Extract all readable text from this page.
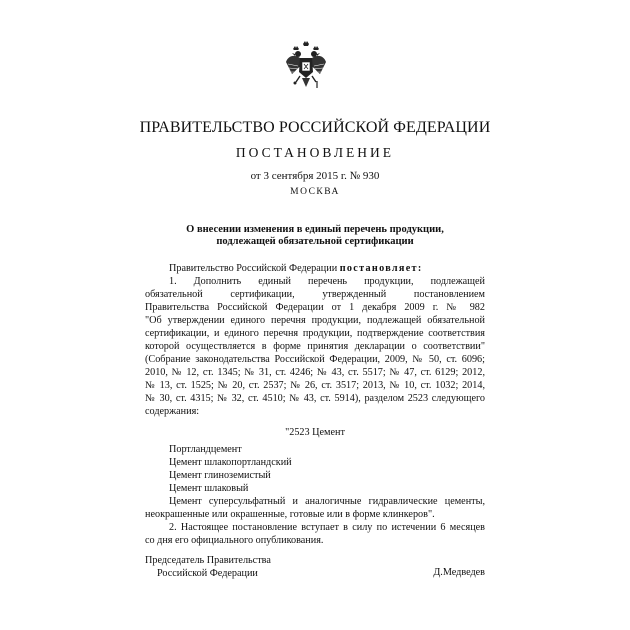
ПРАВИТЕЛЬСТВО РОССИЙСКОЙ ФЕДЕРАЦИИ
ПОСТАНОВЛЕНИЕ
от 3 сентября 2015 г. № 930
МОСКВА
О внесении изменения в единый перечень продукции,
подлежащей обязательной сертификации
Правительство Российской Федерации постановляет:
1. Дополнить единый перечень продукции, подлежащей
обязательной сертификации, утвержденный постановлением
Правительства Российской Федерации от 1 декабря 2009 г. № 982
"Об утверждении единого перечня продукции, подлежащей обязательной
сертификации, и единого перечня продукции, подтверждение соответствия
которой осуществляется в форме принятия декларации о соответствии"
(Собрание законодательства Российской Федерации, 2009, № 50, ст. 6096;
2010, № 12, ст. 1345; № 31, ст. 4246; № 43, ст. 5517; № 47, ст. 6129; 2012,
№ 13, ст. 1525; № 20, ст. 2537; № 26, ст. 3517; 2013, № 10, ст. 1032; 2014,
№ 30, ст. 4315; № 32, ст. 4510; № 43, ст. 5914), разделом 2523 следующего
содержания:
"2523 Цемент
Портландцемент
Цемент шлакопортландский
Цемент глиноземистый
Цемент шлаковый
Цемент суперсульфатный и аналогичные гидравлические цементы,
неокрашенные или окрашенные, готовые или в форме клинкеров".
2. Настоящее постановление вступает в силу по истечении 6 месяцев
со дня его официального опубликования.
Председатель Правительства
Российской Федерации	Д.Медведев
